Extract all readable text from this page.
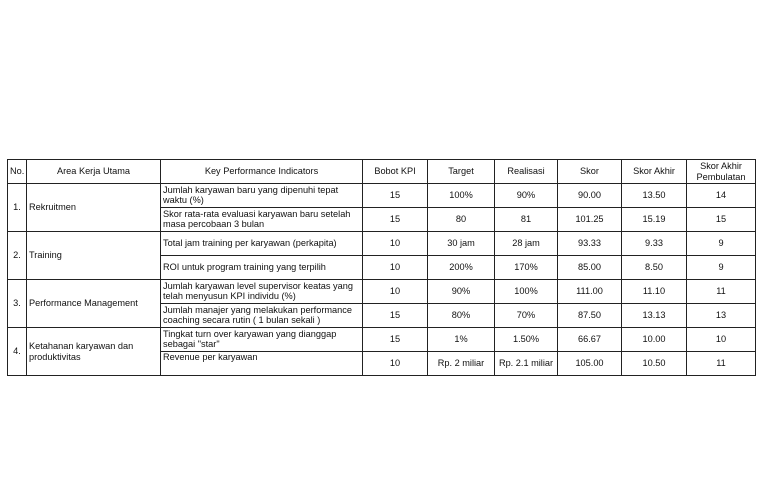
No.	Area Kerja Utama	Key Performance Indicators	Bobot KPI	Target	Realisasi	Skor	Skor Akhir	Skor Akhir Pembulatan
1.	Rekruitmen	Jumlah karyawan baru yang dipenuhi tepat waktu (%)	15	100%	90%	90.00	13.50	14
		Skor rata-rata evaluasi karyawan baru setelah masa percobaan 3 bulan	15	80	81	101.25	15.19	15
2.	Training	Total jam training per karyawan (perkapita)	10	30 jam	28 jam	93.33	9.33	9
		ROI untuk program training yang terpilih	10	200%	170%	85.00	8.50	9
3.	Performance Management	Jumlah karyawan level supervisor keatas yang telah menyusun KPI individu (%)	10	90%	100%	111.00	11.10	11
		Jumlah manajer yang melakukan performance coaching secara rutin ( 1 bulan sekali )	15	80%	70%	87.50	13.13	13
4.	Ketahanan karyawan dan produktivitas	Tingkat turn over karyawan yang dianggap sebagai "star"	15	1%	1.50%	66.67	10.00	10
		Revenue per karyawan	10	Rp. 2 miliar	Rp. 2.1 miliar	105.00	10.50	11
